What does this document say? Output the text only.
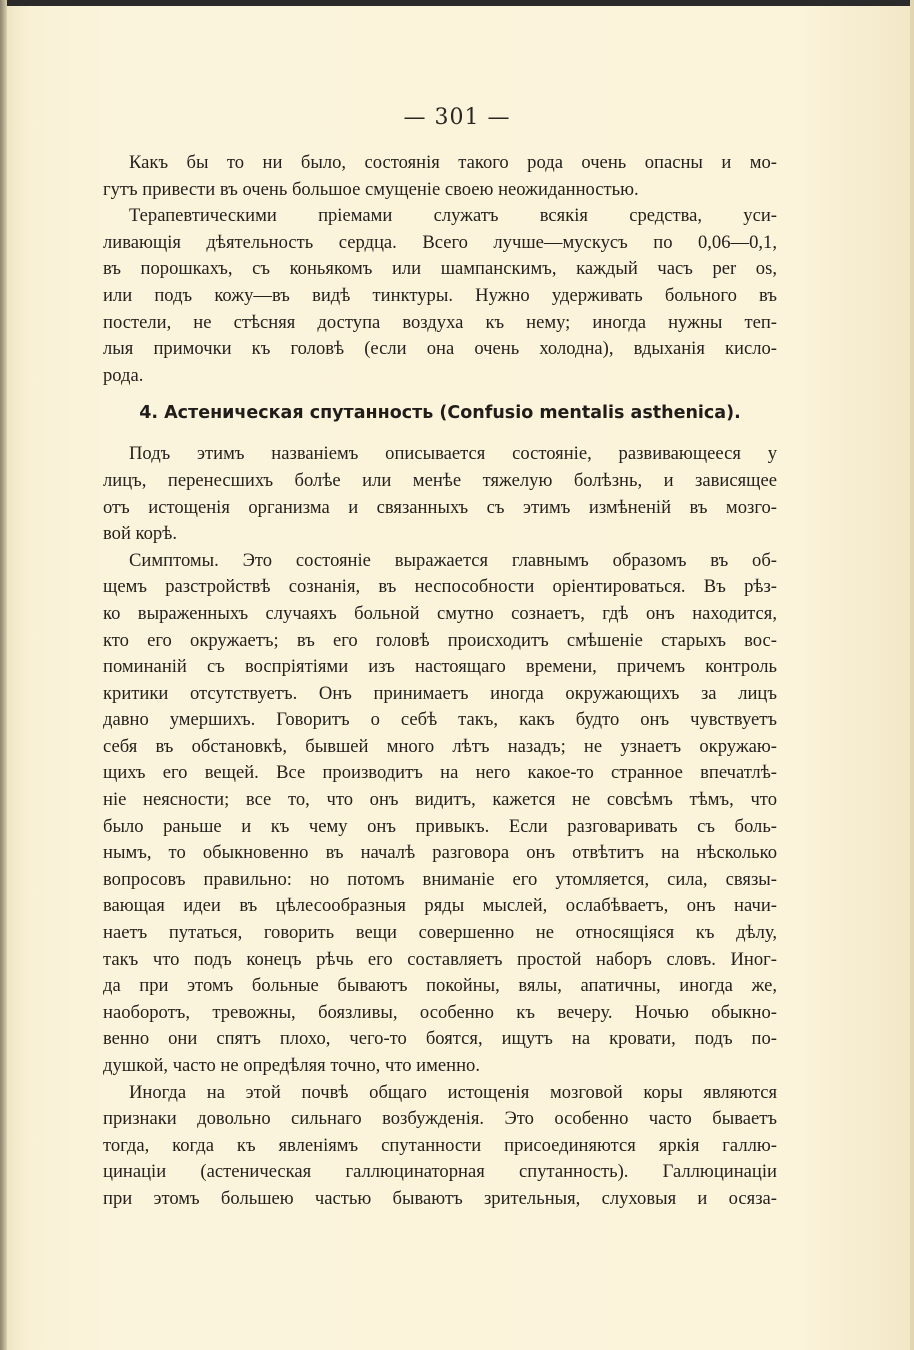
— 301 —
Какъ бы то ни было, состоянія такого рода очень опасны и мо-
гутъ привести въ очень большое смущеніе своею неожиданностью.
Терапевтическими пріемами служатъ всякія средства, уси-
ливающія дѣятельность сердца. Всего лучше—мускусъ по 0,06—0,1,
въ порошкахъ, съ коньякомъ или шампанскимъ, каждый часъ per os,
или подъ кожу—въ видѣ тинктуры. Нужно удерживать больного въ
постели, не стѣсняя доступа воздуха къ нему; иногда нужны теп-
лыя примочки къ головѣ (если она очень холодна), вдыханія кисло-
рода.
4. Астеническая спутанность (Confusio mentalis asthenica).
Подъ этимъ названіемъ описывается состояніе, развивающееся у
лицъ, перенесшихъ болѣе или менѣе тяжелую болѣзнь, и зависящее
отъ истощенія организма и связанныхъ съ этимъ измѣненій въ мозго-
вой корѣ.
Симптомы. Это состояніе выражается главнымъ образомъ въ об-
щемъ разстройствѣ сознанія, въ неспособности оріентироваться. Въ рѣз-
ко выраженныхъ случаяхъ больной смутно сознаетъ, гдѣ онъ находится,
кто его окружаетъ; въ его головѣ происходитъ смѣшеніе старыхъ вос-
поминаній съ воспріятіями изъ настоящаго времени, причемъ контроль
критики отсутствуетъ. Онъ принимаетъ иногда окружающихъ за лицъ
давно умершихъ. Говоритъ о себѣ такъ, какъ будто онъ чувствуетъ
себя въ обстановкѣ, бывшей много лѣтъ назадъ; не узнаетъ окружаю-
щихъ его вещей. Все производитъ на него какое-то странное впечатлѣ-
ніе неясности; все то, что онъ видитъ, кажется не совсѣмъ тѣмъ, что
было раньше и къ чему онъ привыкъ. Если разговаривать съ боль-
нымъ, то обыкновенно въ началѣ разговора онъ отвѣтитъ на нѣсколько
вопросовъ правильно: но потомъ вниманіе его утомляется, сила, связы-
вающая идеи въ цѣлесообразныя ряды мыслей, ослабѣваетъ, онъ начи-
наетъ путаться, говорить вещи совершенно не относящіяся къ дѣлу,
такъ что подъ конецъ рѣчь его составляетъ простой наборъ словъ. Иног-
да при этомъ больные бываютъ покойны, вялы, апатичны, иногда же,
наоборотъ, тревожны, боязливы, особенно къ вечеру. Ночью обыкно-
венно они спятъ плохо, чего-то боятся, ищутъ на кровати, подъ по-
душкой, часто не опредѣляя точно, что именно.
Иногда на этой почвѣ общаго истощенія мозговой коры являются
признаки довольно сильнаго возбужденія. Это особенно часто бываетъ
тогда, когда къ явленіямъ спутанности присоединяются яркія галлю-
цинаціи (астеническая галлюцинаторная спутанность). Галлюцинаціи
при этомъ большею частью бываютъ зрительныя, слуховыя и осяза-
